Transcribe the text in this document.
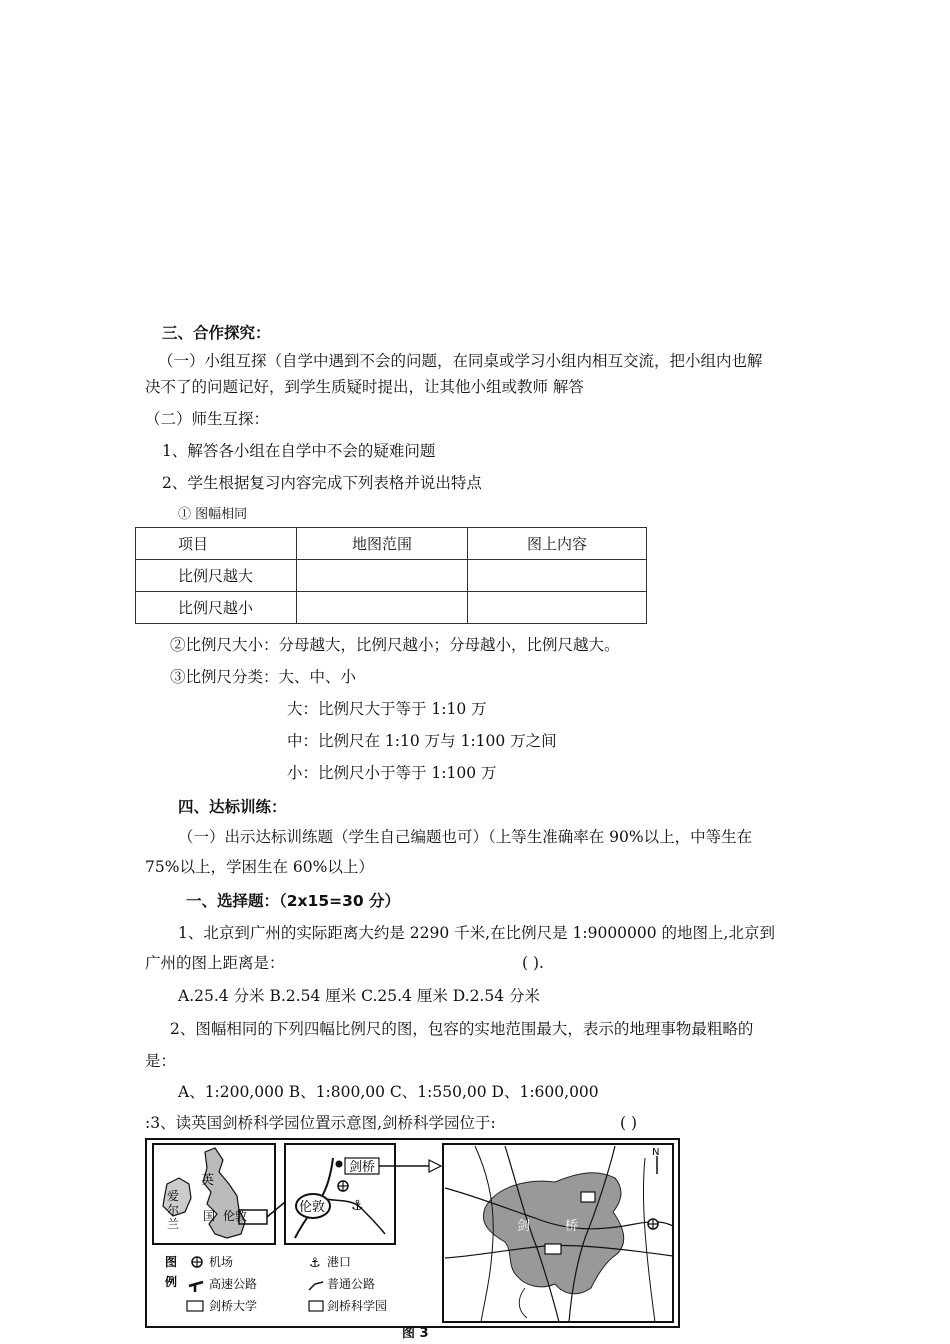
三、合作探究：
（一）小组互探（自学中遇到不会的问题，在同桌或学习小组内相互交流，把小组内也解
决不了的问题记好，到学生质疑时提出，让其他小组或教师 解答
（二）师生互探：
1、解答各小组在自学中不会的疑难问题
2、学生根据复习内容完成下列表格并说出特点
① 图幅相同
项目	地图范围	图上内容
比例尺越大		
比例尺越小		
②比例尺大小：分母越大，比例尺越小；分母越小，比例尺越大。
③比例尺分类：大、中、小
大：比例尺大于等于 1:10 万
中：比例尺在 1:10 万与 1:100 万之间
小：比例尺小于等于 1:100 万
四、达标训练：
（一）出示达标训练题（学生自己编题也可）（上等生准确率在 90%以上，中等生在
75%以上，学困生在 60%以上）
一、选择题：（2x15=30 分）
1、北京到广州的实际距离大约是 2290 千米,在比例尺是 1:9000000 的地图上,北京到
广州的图上距离是：	( ).
A.25.4 分米 B.2.54 厘米 C.25.4 厘米 D.2.54 分米
2、图幅相同的下列四幅比例尺的图，包容的实地范围最大，表示的地理事物最粗略的
是：
A、1:200,000 B、1:800,00 C、1:550,00 D、1:600,000
:3、读英国剑桥科学园位置示意图,剑桥科学园位于:	( )
英
爱
尔
兰
国 伦敦
伦敦
剑桥
⚓
图
例
机场	⚓ 港口
高速公路	普通公路
剑桥大学	剑桥科学园
剑	桥
N
图 3
